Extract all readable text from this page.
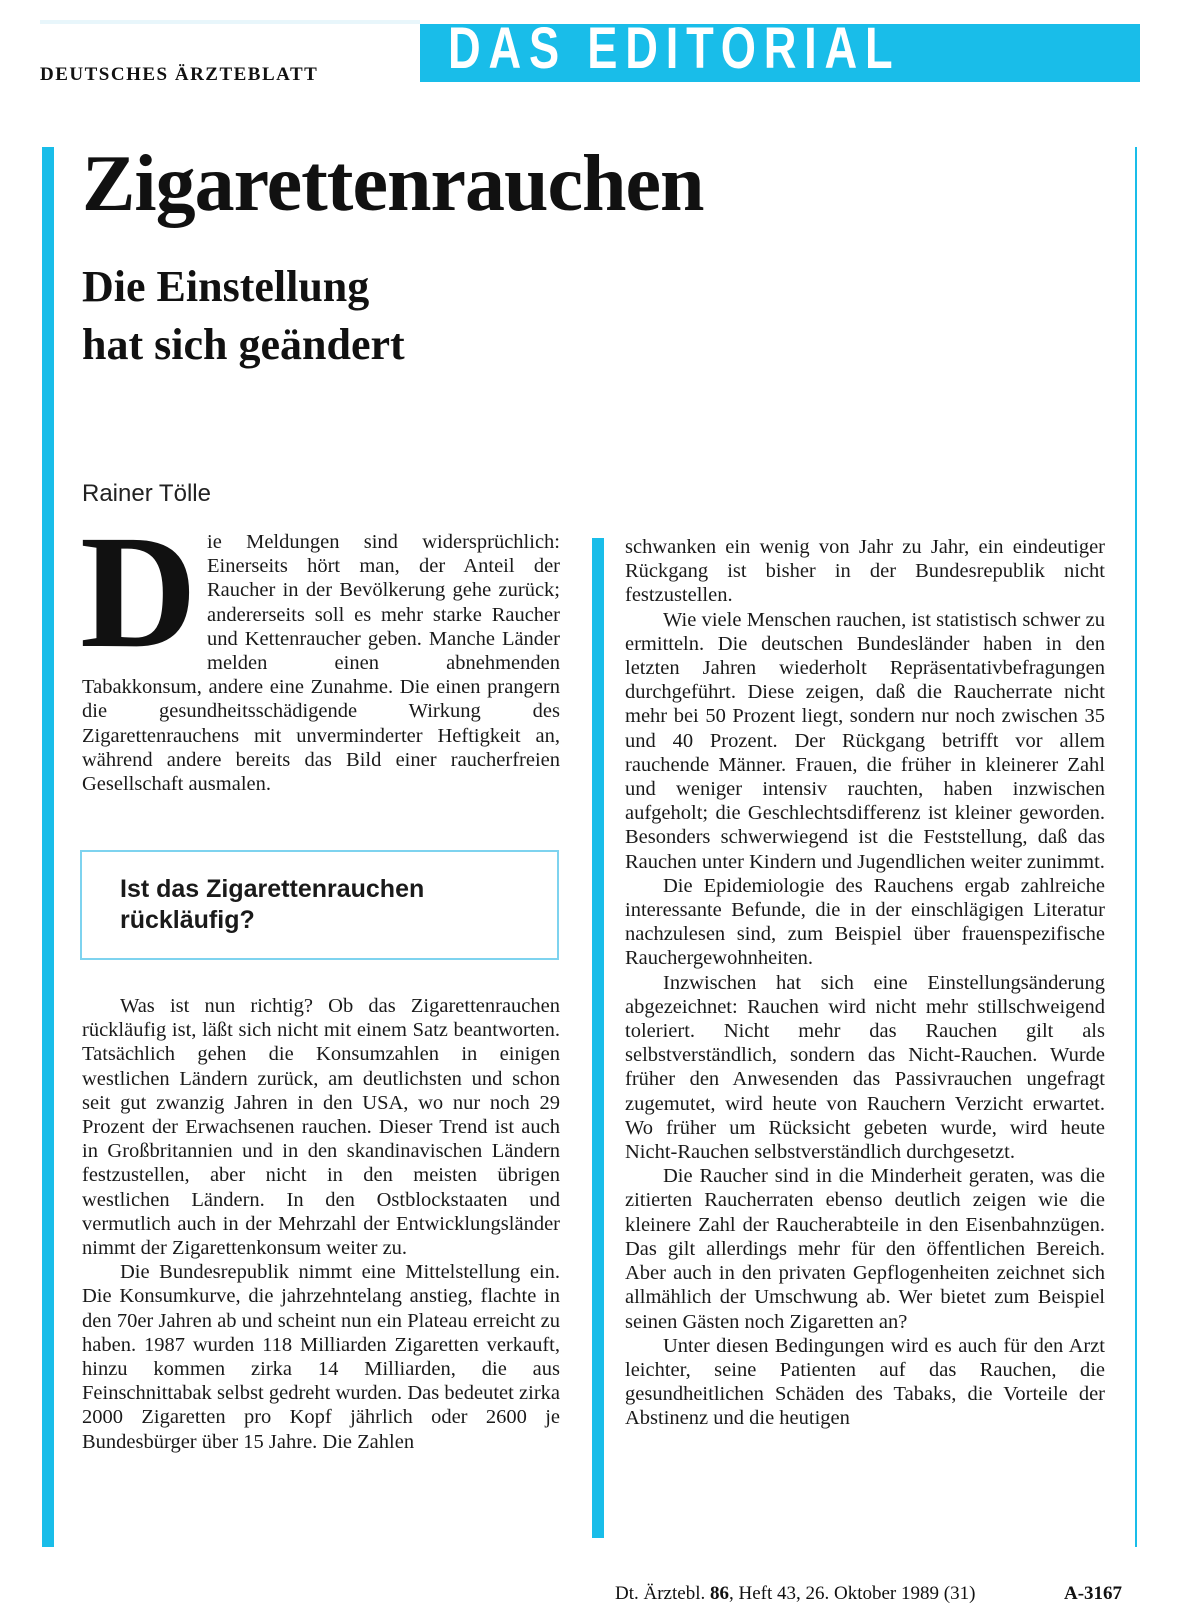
DEUTSCHES ÄRZTEBLATT DAS EDITORIAL
Zigarettenrauchen
Die Einstellung
hat sich geändert
Rainer Tölle
D ie Meldungen sind widersprüchlich: Einerseits hört man, der Anteil der Raucher in der Bevölkerung gehe zurück; andererseits soll es mehr starke Raucher und Kettenraucher geben. Manche Länder melden einen abnehmenden Tabakkonsum, andere eine Zunahme. Die einen prangern die gesundheitsschädigende Wirkung des Zigarettenrauchens mit unverminderter Heftigkeit an, während andere bereits das Bild einer raucherfreien Gesellschaft ausmalen.

Ist das Zigarettenrauchen
rückläufig?

Was ist nun richtig? Ob das Zigarettenrauchen rückläufig ist, läßt sich nicht mit einem Satz beantworten. Tatsächlich gehen die Konsumzahlen in einigen westlichen Ländern zurück, am deutlichsten und schon seit gut zwanzig Jahren in den USA, wo nur noch 29 Prozent der Erwachsenen rauchen. Dieser Trend ist auch in Großbritannien und in den skandinavischen Ländern festzustellen, aber nicht in den meisten übrigen westlichen Ländern. In den Ostblockstaaten und vermutlich auch in der Mehrzahl der Entwicklungsländer nimmt der Zigarettenkonsum weiter zu.

Die Bundesrepublik nimmt eine Mittelstellung ein. Die Konsumkurve, die jahrzehntelang anstieg, flachte in den 70er Jahren ab und scheint nun ein Plateau erreicht zu haben. 1987 wurden 118 Milliarden Zigaretten verkauft, hinzu kommen zirka 14 Milliarden, die aus Feinschnittabak selbst gedreht wurden. Das bedeutet zirka 2000 Zigaretten pro Kopf jährlich oder 2600 je Bundesbürger über 15 Jahre. Die Zahlen

schwanken ein wenig von Jahr zu Jahr, ein eindeutiger Rückgang ist bisher in der Bundesrepublik nicht festzustellen.

Wie viele Menschen rauchen, ist statistisch schwer zu ermitteln. Die deutschen Bundesländer haben in den letzten Jahren wiederholt Repräsentativbefragungen durchgeführt. Diese zeigen, daß die Raucherrate nicht mehr bei 50 Prozent liegt, sondern nur noch zwischen 35 und 40 Prozent. Der Rückgang betrifft vor allem rauchende Männer. Frauen, die früher in kleinerer Zahl und weniger intensiv rauchten, haben inzwischen aufgeholt; die Geschlechtsdifferenz ist kleiner geworden. Besonders schwerwiegend ist die Feststellung, daß das Rauchen unter Kindern und Jugendlichen weiter zunimmt.

Die Epidemiologie des Rauchens ergab zahlreiche interessante Befunde, die in der einschlägigen Literatur nachzulesen sind, zum Beispiel über frauenspezifische Rauchergewohnheiten.

Inzwischen hat sich eine Einstellungsänderung abgezeichnet: Rauchen wird nicht mehr stillschweigend toleriert. Nicht mehr das Rauchen gilt als selbstverständlich, sondern das Nicht-Rauchen. Wurde früher den Anwesenden das Passivrauchen ungefragt zugemutet, wird heute von Rauchern Verzicht erwartet. Wo früher um Rücksicht gebeten wurde, wird heute Nicht-Rauchen selbstverständlich durchgesetzt.

Die Raucher sind in die Minderheit geraten, was die zitierten Raucherraten ebenso deutlich zeigen wie die kleinere Zahl der Raucherabteile in den Eisenbahnzügen. Das gilt allerdings mehr für den öffentlichen Bereich. Aber auch in den privaten Gepflogenheiten zeichnet sich allmählich der Umschwung ab. Wer bietet zum Beispiel seinen Gästen noch Zigaretten an?

Unter diesen Bedingungen wird es auch für den Arzt leichter, seine Patienten auf das Rauchen, die gesundheitlichen Schäden des Tabaks, die Vorteile der Abstinenz und die heutigen

Dt. Ärztebl. 86, Heft 43, 26. Oktober 1989 (31)	A-3167
